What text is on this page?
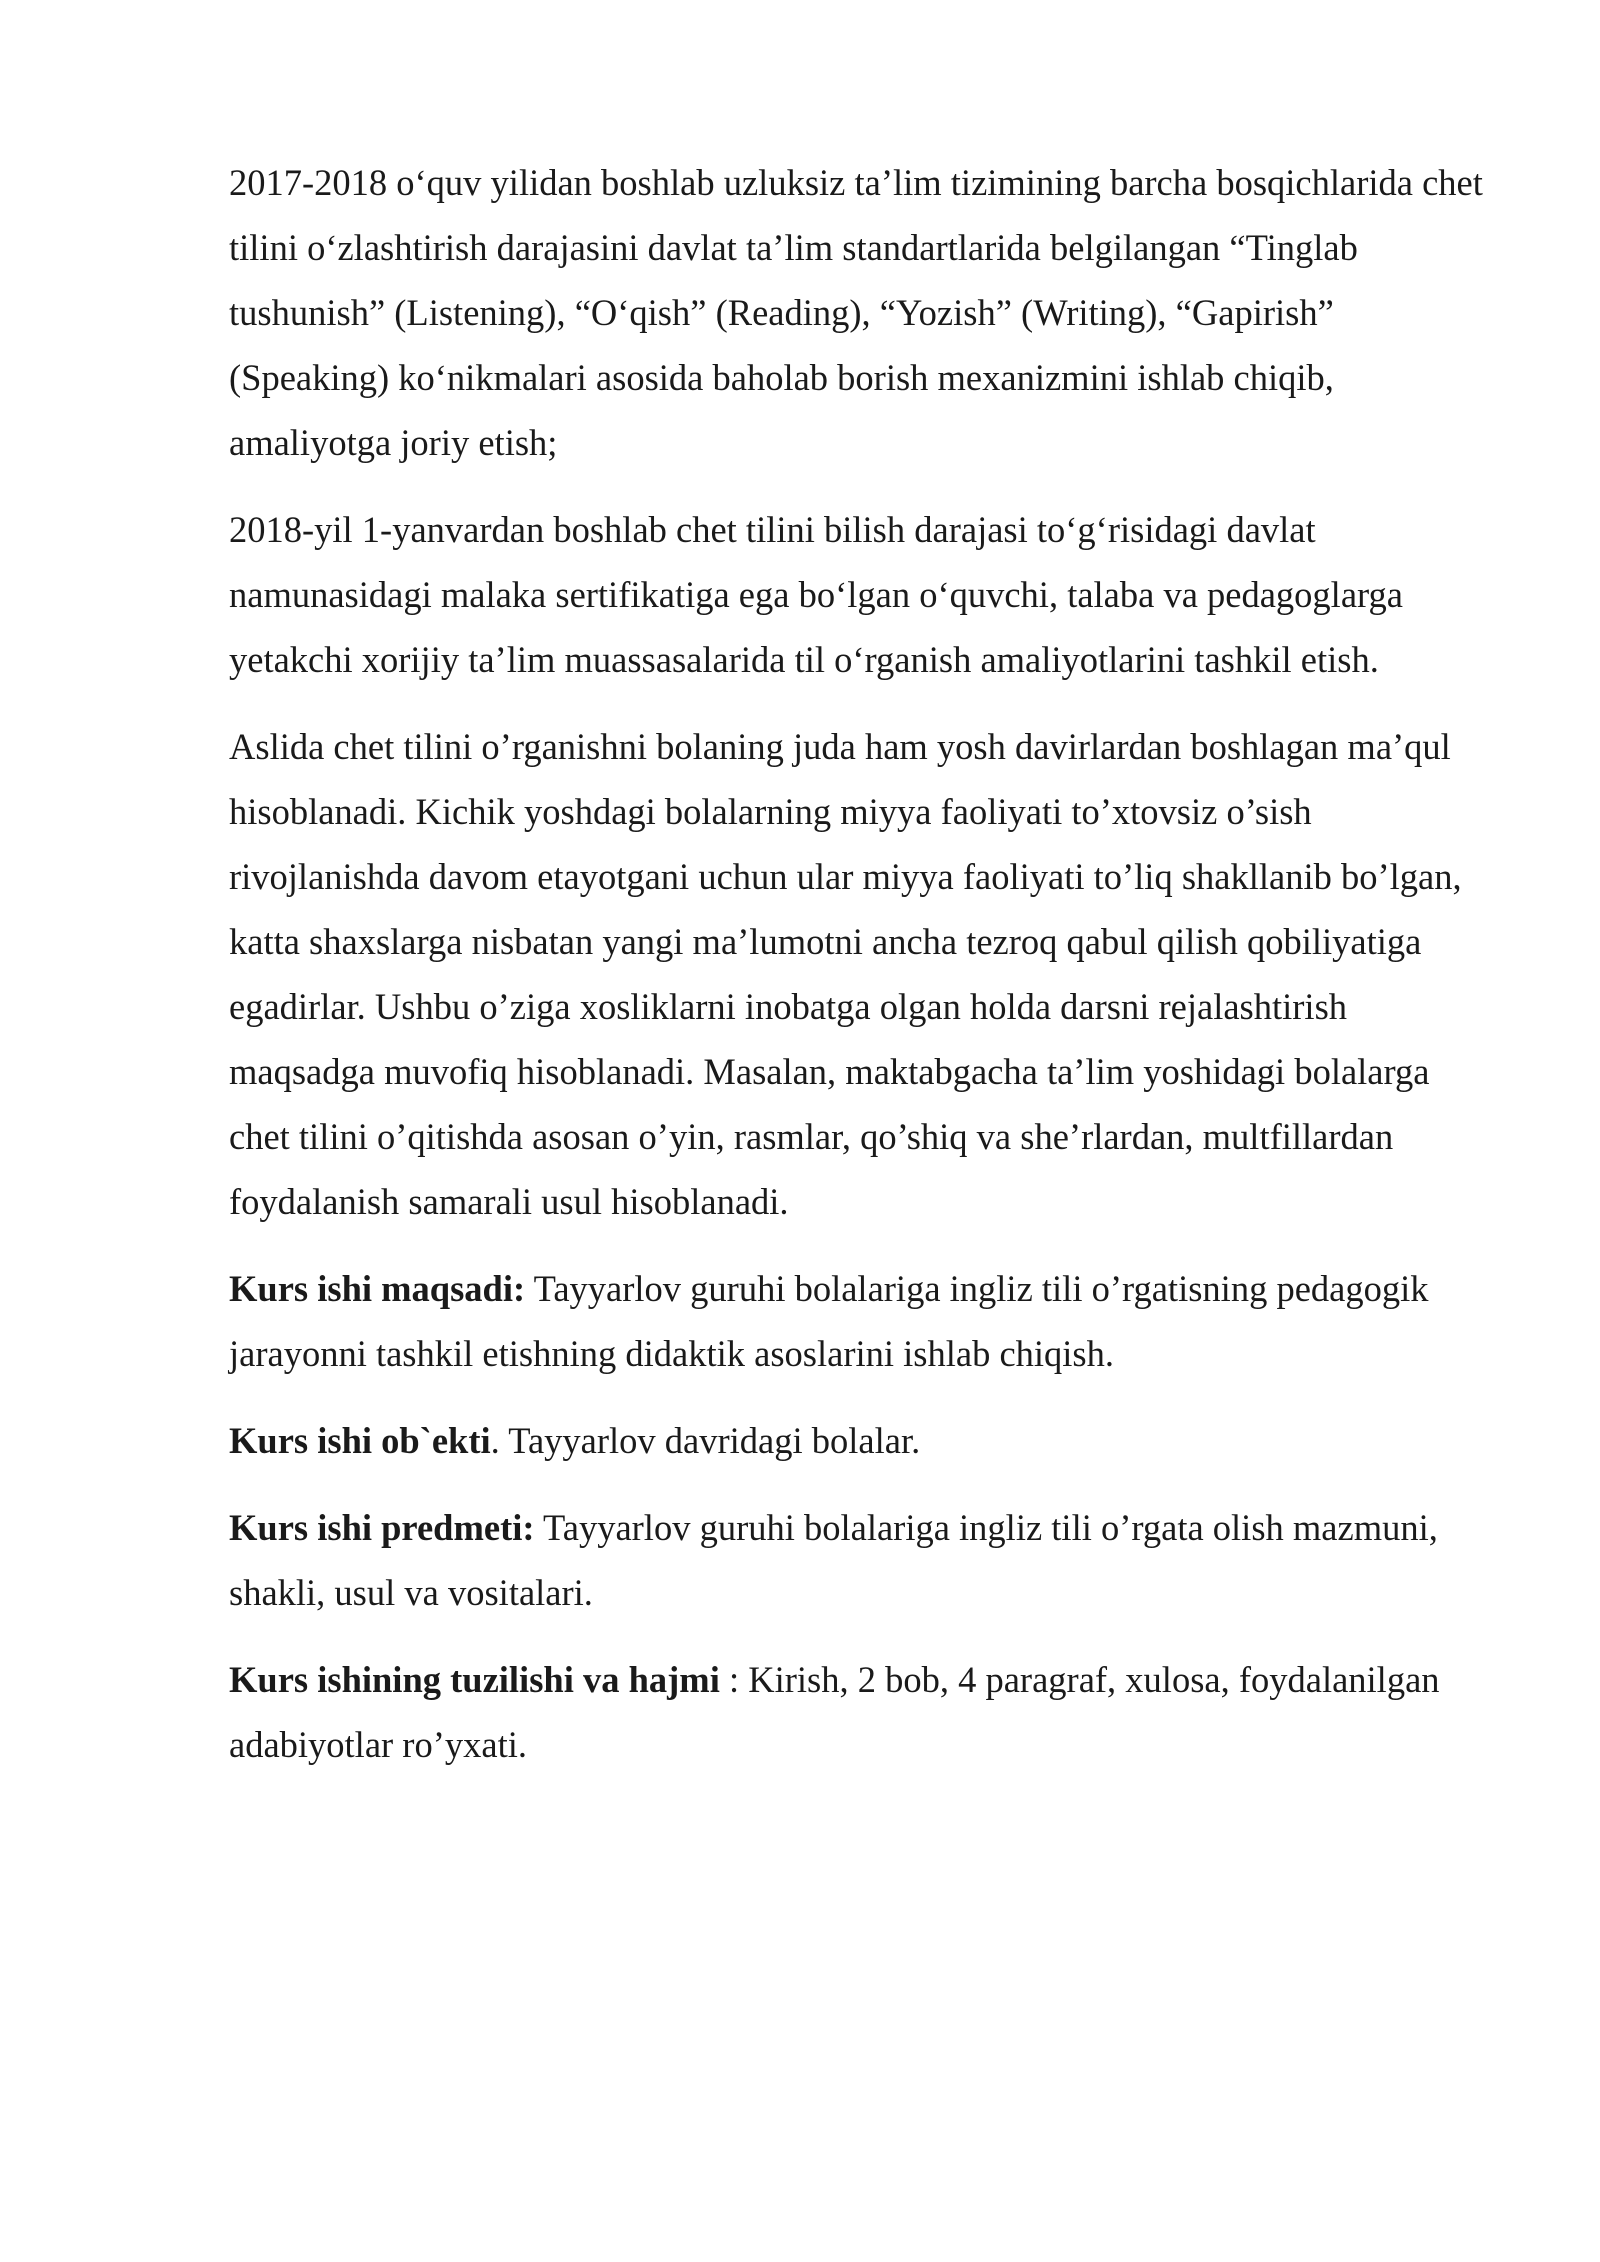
2017-2018 o‘quv yilidan boshlab uzluksiz ta’lim tizimining barcha bosqichlarida chet tilini o‘zlashtirish darajasini davlat ta’lim standartlarida belgilangan “Tinglab tushunish” (Listening), “O‘qish” (Reading), “Yozish” (Writing), “Gapirish” (Speaking) ko‘nikmalari asosida baholab borish mexanizmini ishlab chiqib, amaliyotga joriy etish;

2018-yil 1-yanvardan boshlab chet tilini bilish darajasi to‘g‘risidagi davlat namunasidagi malaka sertifikatiga ega bo‘lgan o‘quvchi, talaba va pedagoglarga yetakchi xorijiy ta’lim muassasalarida til o‘rganish amaliyotlarini tashkil etish.

Aslida chet tilini o’rganishni bolaning juda ham yosh davirlardan boshlagan ma’qul hisoblanadi. Kichik yoshdagi bolalarning miyya faoliyati to’xtovsiz o’sish rivojlanishda davom etayotgani uchun ular miyya faoliyati to’liq shakllanib bo’lgan, katta shaxslarga nisbatan yangi ma’lumotni ancha tezroq qabul qilish qobiliyatiga egadirlar. Ushbu o’ziga xosliklarni inobatga olgan holda darsni rejalashtirish maqsadga muvofiq hisoblanadi. Masalan, maktabgacha ta’lim yoshidagi bolalarga chet tilini o’qitishda asosan o’yin, rasmlar, qo’shiq va she’rlardan, multfillardan foydalanish samarali usul hisoblanadi.

Kurs ishi maqsadi: Tayyarlov guruhi bolalariga ingliz tili o’rgatisning pedagogik jarayonni tashkil etishning didaktik asoslarini ishlab chiqish.

Kurs ishi ob`ekti. Tayyarlov davridagi bolalar.

Kurs ishi predmeti: Tayyarlov guruhi bolalariga ingliz tili o’rgata olish mazmuni, shakli, usul va vositalari.

Kurs ishining tuzilishi va hajmi : Kirish, 2 bob, 4 paragraf, xulosa, foydalanilgan adabiyotlar ro’yxati.
